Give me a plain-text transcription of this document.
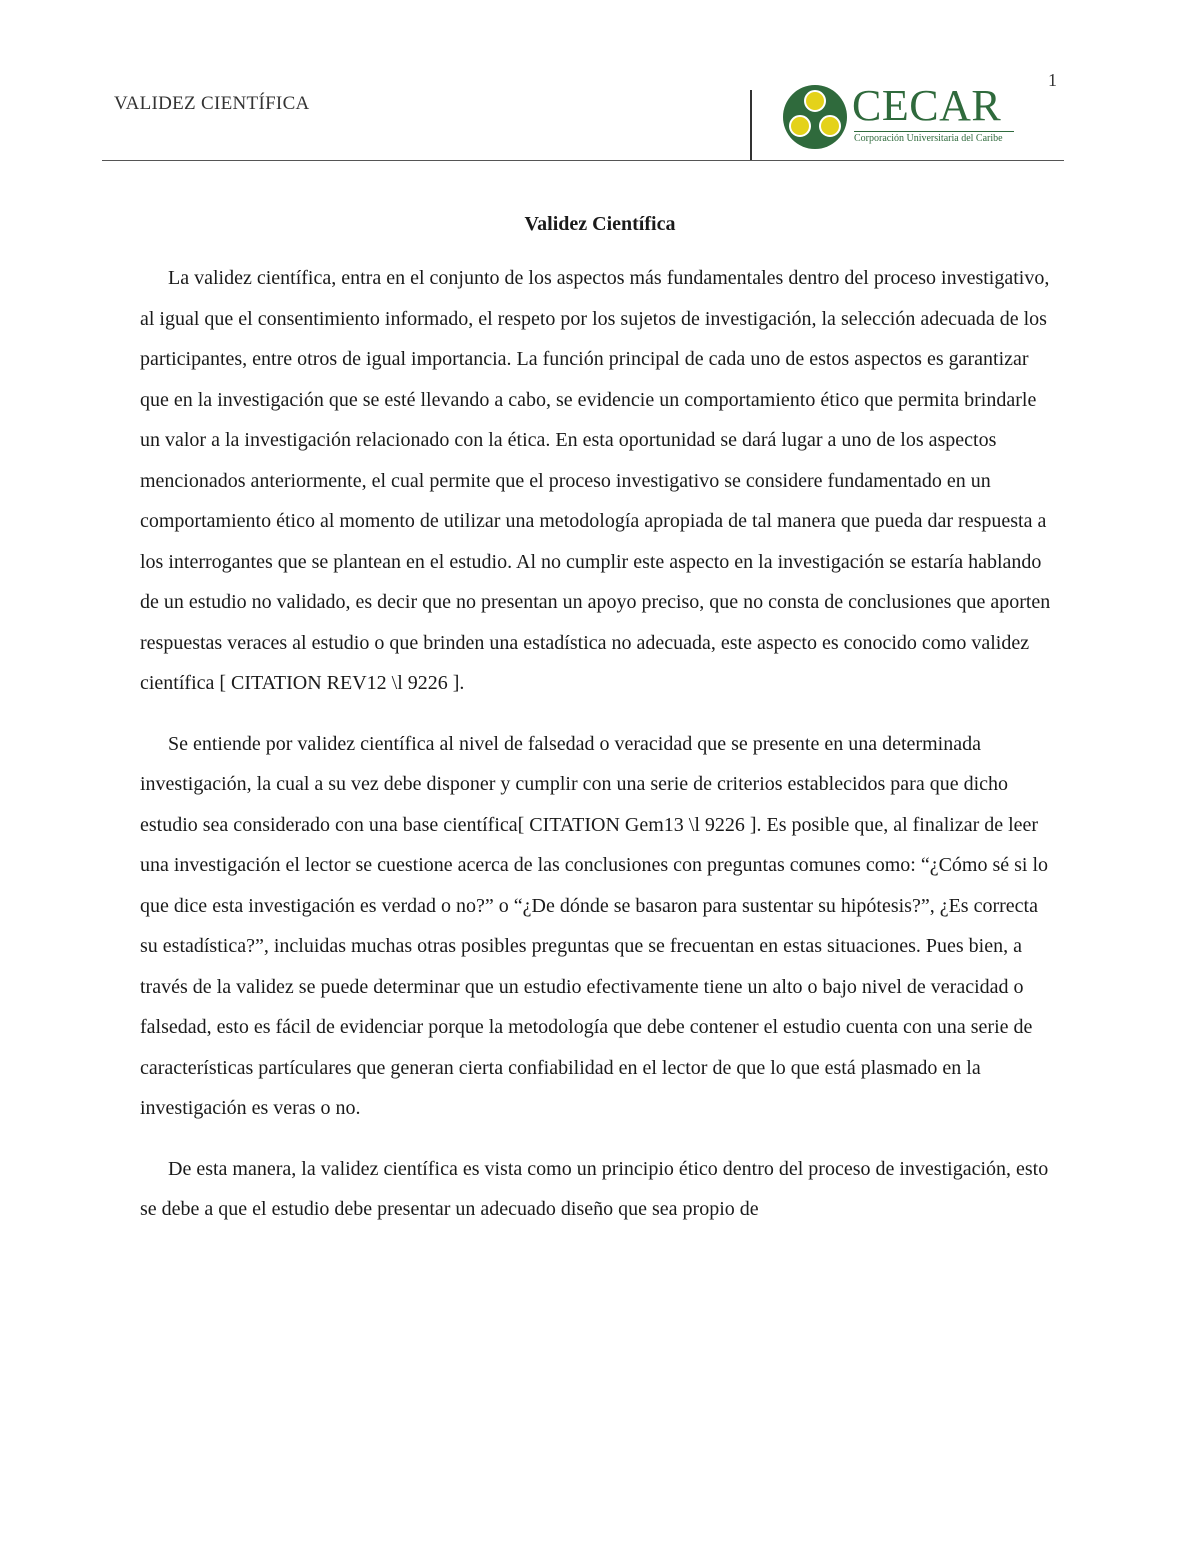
VALIDEZ CIENTÍFICA
1
CECAR
Corporación Universitaria del Caribe
Validez Científica

La validez científica, entra en el conjunto de los aspectos más fundamentales dentro del proceso investigativo, al igual que el consentimiento informado, el respeto por los sujetos de investigación, la selección adecuada de los participantes, entre otros de igual importancia. La función principal de cada uno de estos aspectos es garantizar que en la investigación que se esté llevando a cabo, se evidencie un comportamiento ético que permita brindarle un valor a la investigación relacionado con la ética. En esta oportunidad se dará lugar a uno de los aspectos mencionados anteriormente, el cual permite que el proceso investigativo se considere fundamentado en un comportamiento ético al momento de utilizar una metodología apropiada de tal manera que pueda dar respuesta a los interrogantes que se plantean en el estudio. Al no cumplir este aspecto en la investigación se estaría hablando de un estudio no validado, es decir que no presentan un apoyo preciso, que no consta de conclusiones que aporten respuestas veraces al estudio o que brinden una estadística no adecuada, este aspecto es conocido como validez científica [ CITATION REV12 \l 9226 ].

Se entiende por validez científica al nivel de falsedad o veracidad que se presente en una determinada investigación, la cual a su vez debe disponer y cumplir con una serie de criterios establecidos para que dicho estudio sea considerado con una base científica[ CITATION Gem13 \l 9226 ]. Es posible que, al finalizar de leer una investigación el lector se cuestione acerca de las conclusiones con preguntas comunes como: “¿Cómo sé si lo que dice esta investigación es verdad o no?” o “¿De dónde se basaron para sustentar su hipótesis?”, ¿Es correcta su estadística?”, incluidas muchas otras posibles preguntas que se frecuentan en estas situaciones. Pues bien, a través de la validez se puede determinar que un estudio efectivamente tiene un alto o bajo nivel de veracidad o falsedad, esto es fácil de evidenciar porque la metodología que debe contener el estudio cuenta con una serie de características partículares que generan cierta confiabilidad en el lector de que lo que está plasmado en la investigación es veras o no.

De esta manera, la validez científica es vista como un principio ético dentro del proceso de investigación, esto se debe a que el estudio debe presentar un adecuado diseño que sea propio de
